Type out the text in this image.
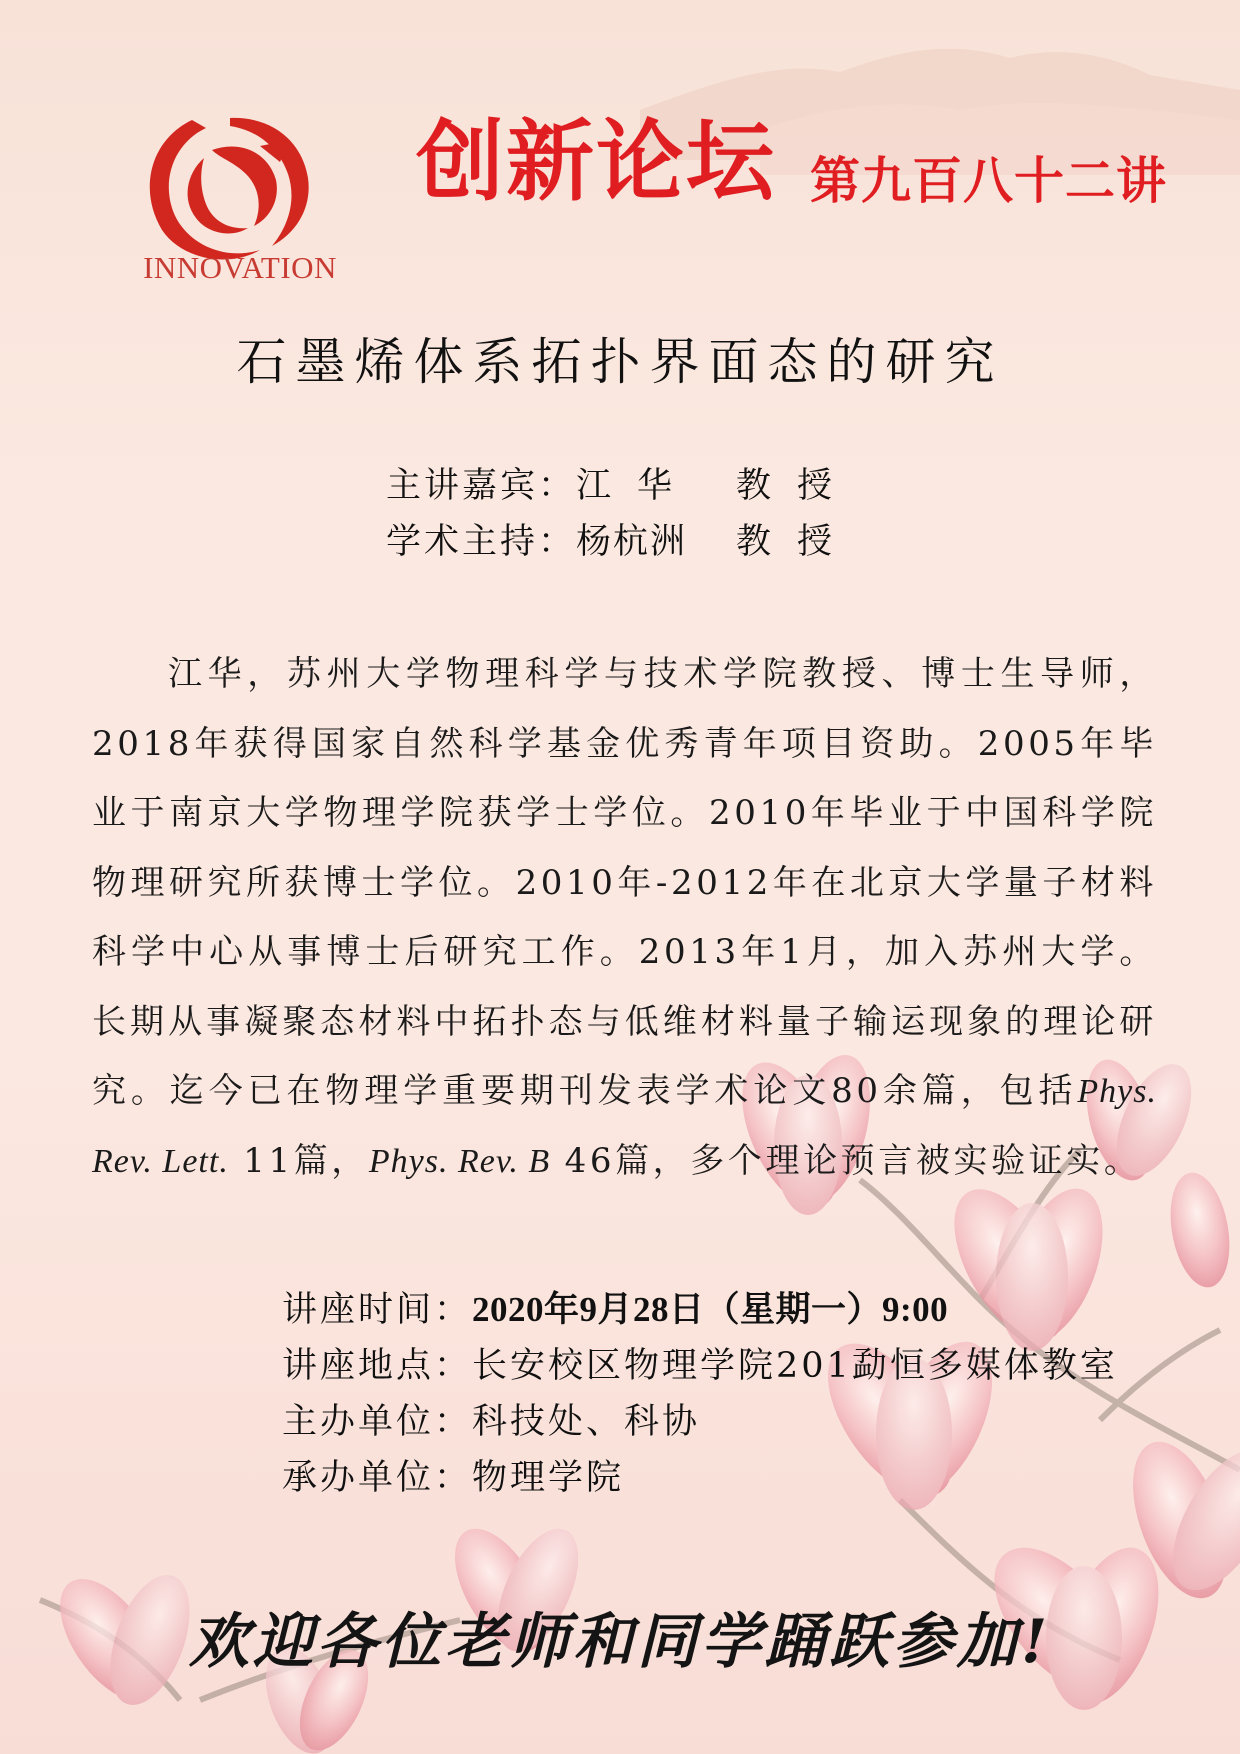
INNOVATION
创新论坛 第九百八十二讲
石墨烯体系拓扑界面态的研究
主讲嘉宾：江华 教授
学术主持：杨杭洲 教授
江华，苏州大学物理科学与技术学院教授、博士生导师，2018年获得国家自然科学基金优秀青年项目资助。2005年毕业于南京大学物理学院获学士学位。2010年毕业于中国科学院物理研究所获博士学位。2010年-2012年在北京大学量子材料科学中心从事博士后研究工作。2013年1月，加入苏州大学。长期从事凝聚态材料中拓扑态与低维材料量子输运现象的理论研究。迄今已在物理学重要期刊发表学术论文80余篇，包括Phys. Rev. Lett. 11篇，Phys. Rev. B 46篇，多个理论预言被实验证实。
讲座时间：2020年9月28日（星期一）9:00
讲座地点：长安校区物理学院201勐恒多媒体教室
主办单位：科技处、科协
承办单位：物理学院
欢迎各位老师和同学踊跃参加!
